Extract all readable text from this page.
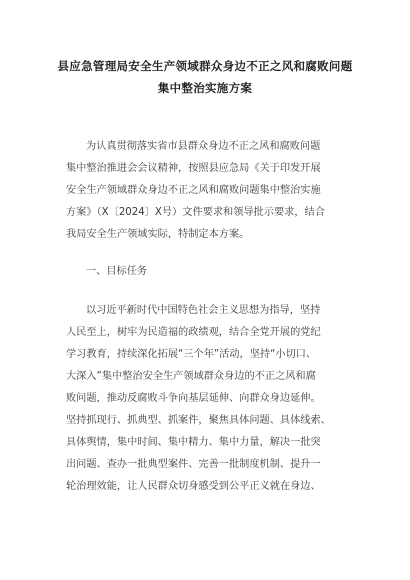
县应急管理局安全生产领域群众身边不正之风和腐败问题
集中整治实施方案
为认真贯彻落实省市县群众身边不正之风和腐败问题
集中整治推进会会议精神，按照县应急局《关于印发开展
安全生产领域群众身边不正之风和腐败问题集中整治实施
方案》（X〔2024〕X号）文件要求和领导批示要求，结合
我局安全生产领域实际，特制定本方案。
一、目标任务
以习近平新时代中国特色社会主义思想为指导，坚持
人民至上，树牢为民造福的政绩观，结合全党开展的党纪
学习教育，持续深化拓展“三个年”活动，坚持“小切口、
大深入”集中整治安全生产领域群众身边的不正之风和腐
败问题，推动反腐败斗争向基层延伸、向群众身边延伸。
坚持抓现行、抓典型、抓案件，聚焦具体问题、具体线索、
具体舆情，集中时间、集中精力、集中力量，解决一批突
出问题、查办一批典型案件、完善一批制度机制、提升一
轮治理效能，让人民群众切身感受到公平正义就在身边、
